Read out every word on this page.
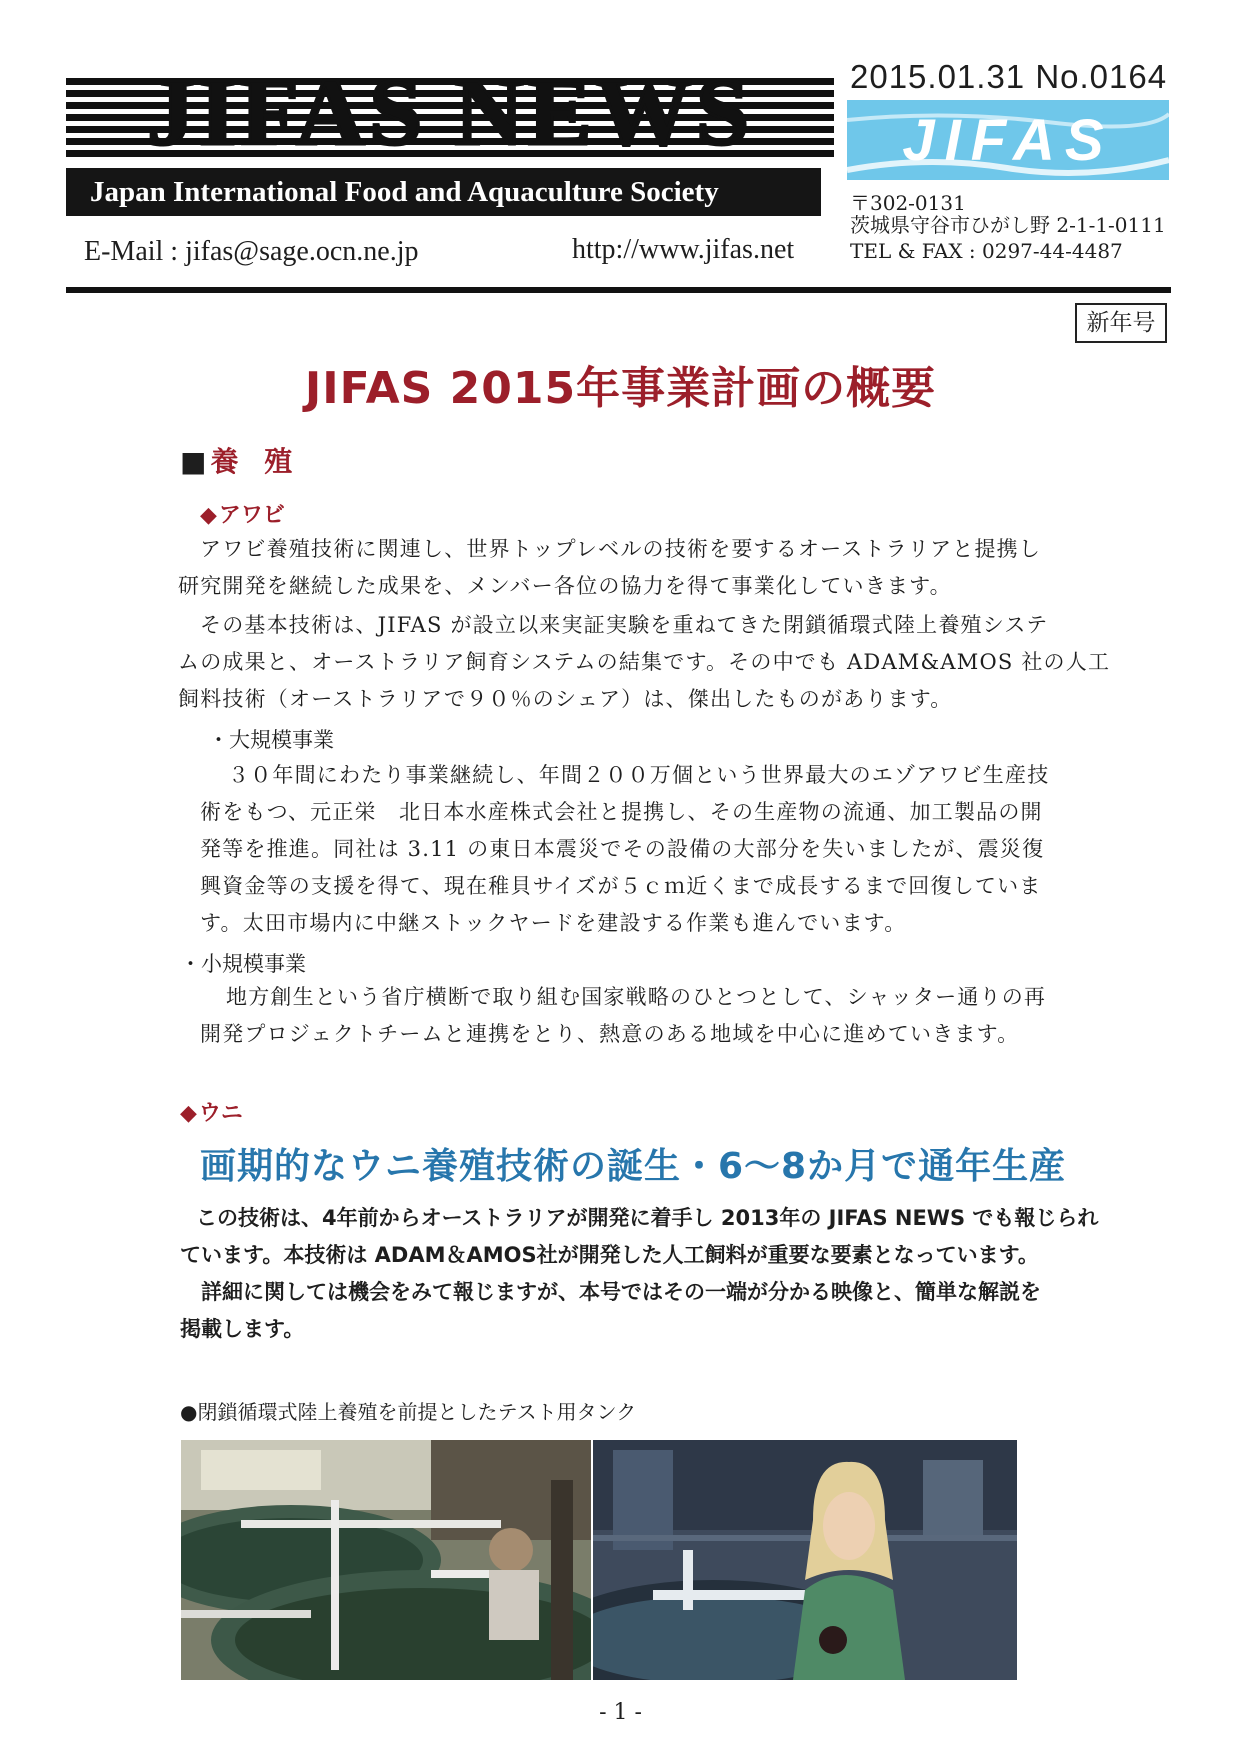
JIFAS NEWS
Japan International Food and Aquaculture Society
E-Mail : jifas@sage.ocn.ne.jp	http://www.jifas.net
2015.01.31 No.0164
JIFAS
〒302-0131
茨城県守谷市ひがし野 2-1-1-0111
TEL & FAX : 0297-44-4487
新年号
JIFAS 2015年事業計画の概要
■ 養 殖
◆アワビ
アワビ養殖技術に関連し、世界トップレベルの技術を要するオーストラリアと提携し
研究開発を継続した成果を、メンバー各位の協力を得て事業化していきます。
その基本技術は、JIFAS が設立以来実証実験を重ねてきた閉鎖循環式陸上養殖システ
ムの成果と、オーストラリア飼育システムの結集です。その中でも ADAM&AMOS 社の人工
飼料技術（オーストラリアで９０％のシェア）は、傑出したものがあります。
・大規模事業
３０年間にわたり事業継続し、年間２００万個という世界最大のエゾアワビ生産技
術をもつ、元正栄　北日本水産株式会社と提携し、その生産物の流通、加工製品の開
発等を推進。同社は 3.11 の東日本震災でその設備の大部分を失いましたが、震災復
興資金等の支援を得て、現在稚貝サイズが５ｃｍ近くまで成長するまで回復していま
す。太田市場内に中継ストックヤードを建設する作業も進んでいます。
・小規模事業
地方創生という省庁横断で取り組む国家戦略のひとつとして、シャッター通りの再
開発プロジェクトチームと連携をとり、熱意のある地域を中心に進めていきます。
◆ウニ
画期的なウニ養殖技術の誕生・6～8か月で通年生産
この技術は、4年前からオーストラリアが開発に着手し 2013年の JIFAS NEWS でも報じられ
ています。本技術は ADAM＆AMOS社が開発した人工飼料が重要な要素となっています。
　詳細に関しては機会をみて報じますが、本号ではその一端が分かる映像と、簡単な解説を
掲載します。
●閉鎖循環式陸上養殖を前提としたテスト用タンク
- 1 -
